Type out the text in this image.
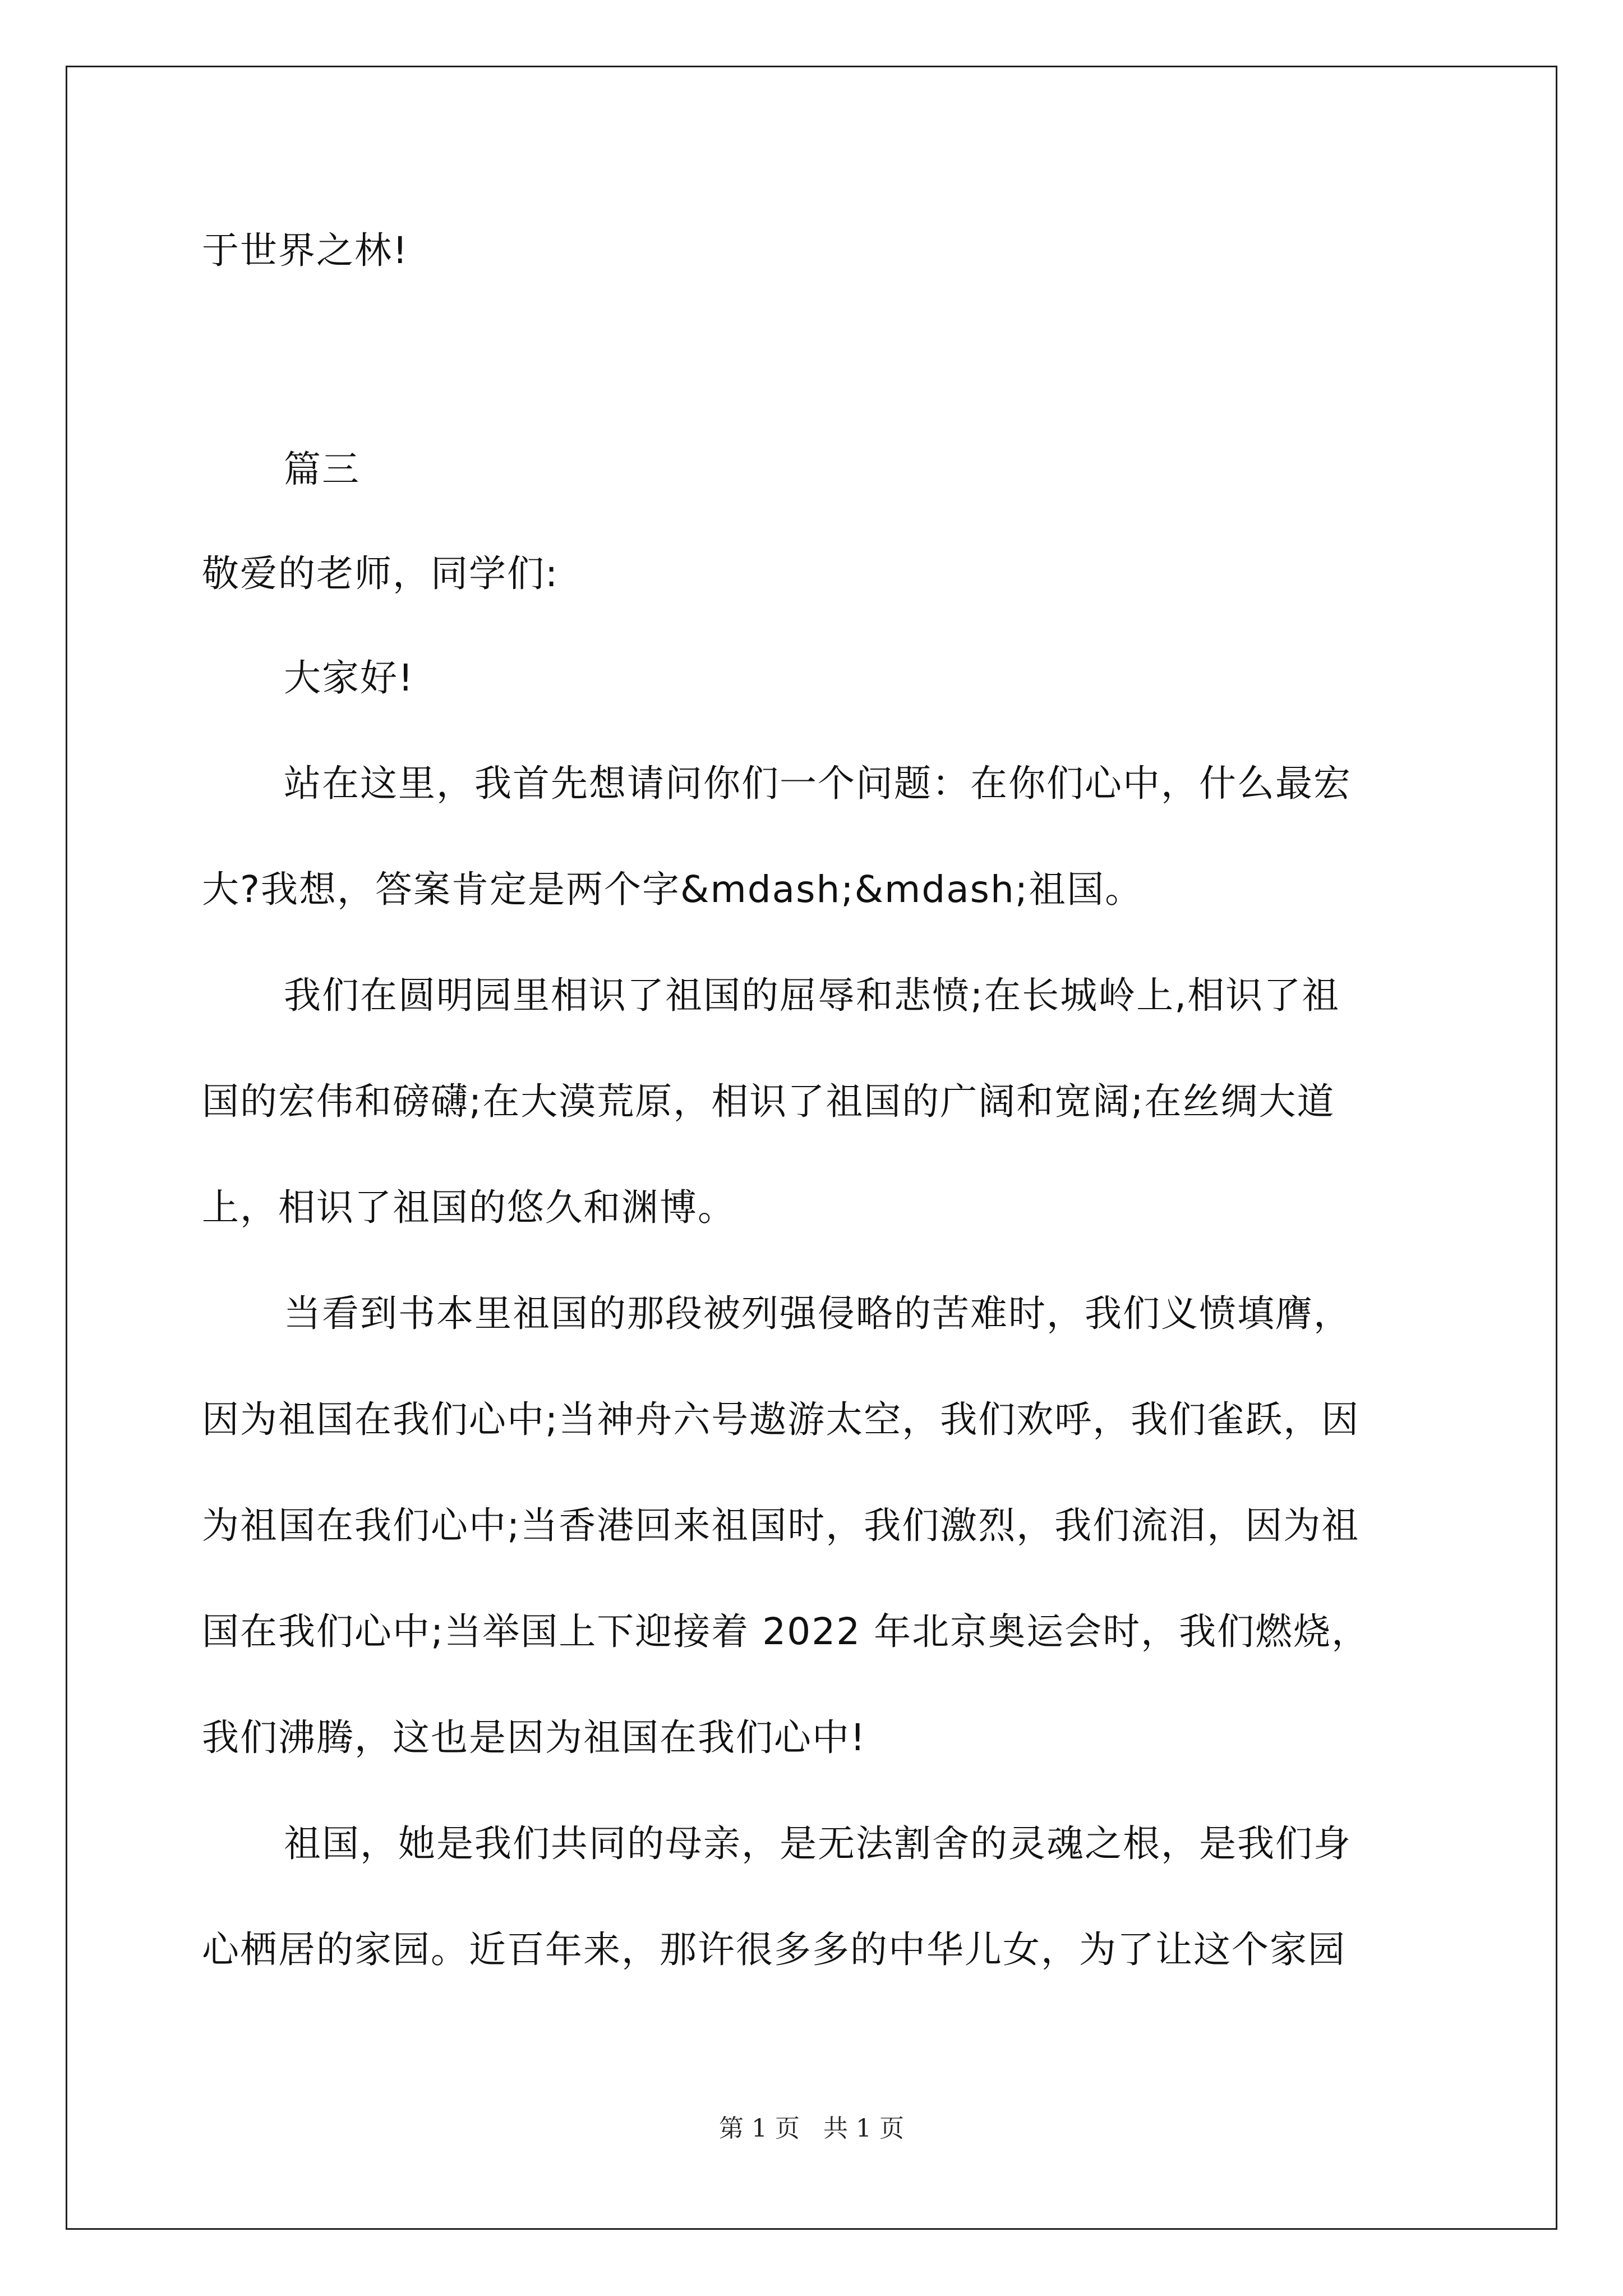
于世界之林!
篇三
敬爱的老师，同学们:
大家好!
站在这里，我首先想请问你们一个问题：在你们心中，什么最宏
大?我想，答案肯定是两个字&mdash;&mdash;祖国。
我们在圆明园里相识了祖国的屈辱和悲愤;在长城岭上,相识了祖
国的宏伟和磅礴;在大漠荒原，相识了祖国的广阔和宽阔;在丝绸大道
上，相识了祖国的悠久和渊博。
当看到书本里祖国的那段被列强侵略的苦难时，我们义愤填膺，
因为祖国在我们心中;当神舟六号遨游太空，我们欢呼，我们雀跃，因
为祖国在我们心中;当香港回来祖国时，我们激烈，我们流泪，因为祖
国在我们心中;当举国上下迎接着 2022 年北京奥运会时，我们燃烧，
我们沸腾，这也是因为祖国在我们心中!
祖国，她是我们共同的母亲，是无法割舍的灵魂之根，是我们身
心栖居的家园。近百年来，那许很多多的中华儿女，为了让这个家园
第 1 页 共 1 页
